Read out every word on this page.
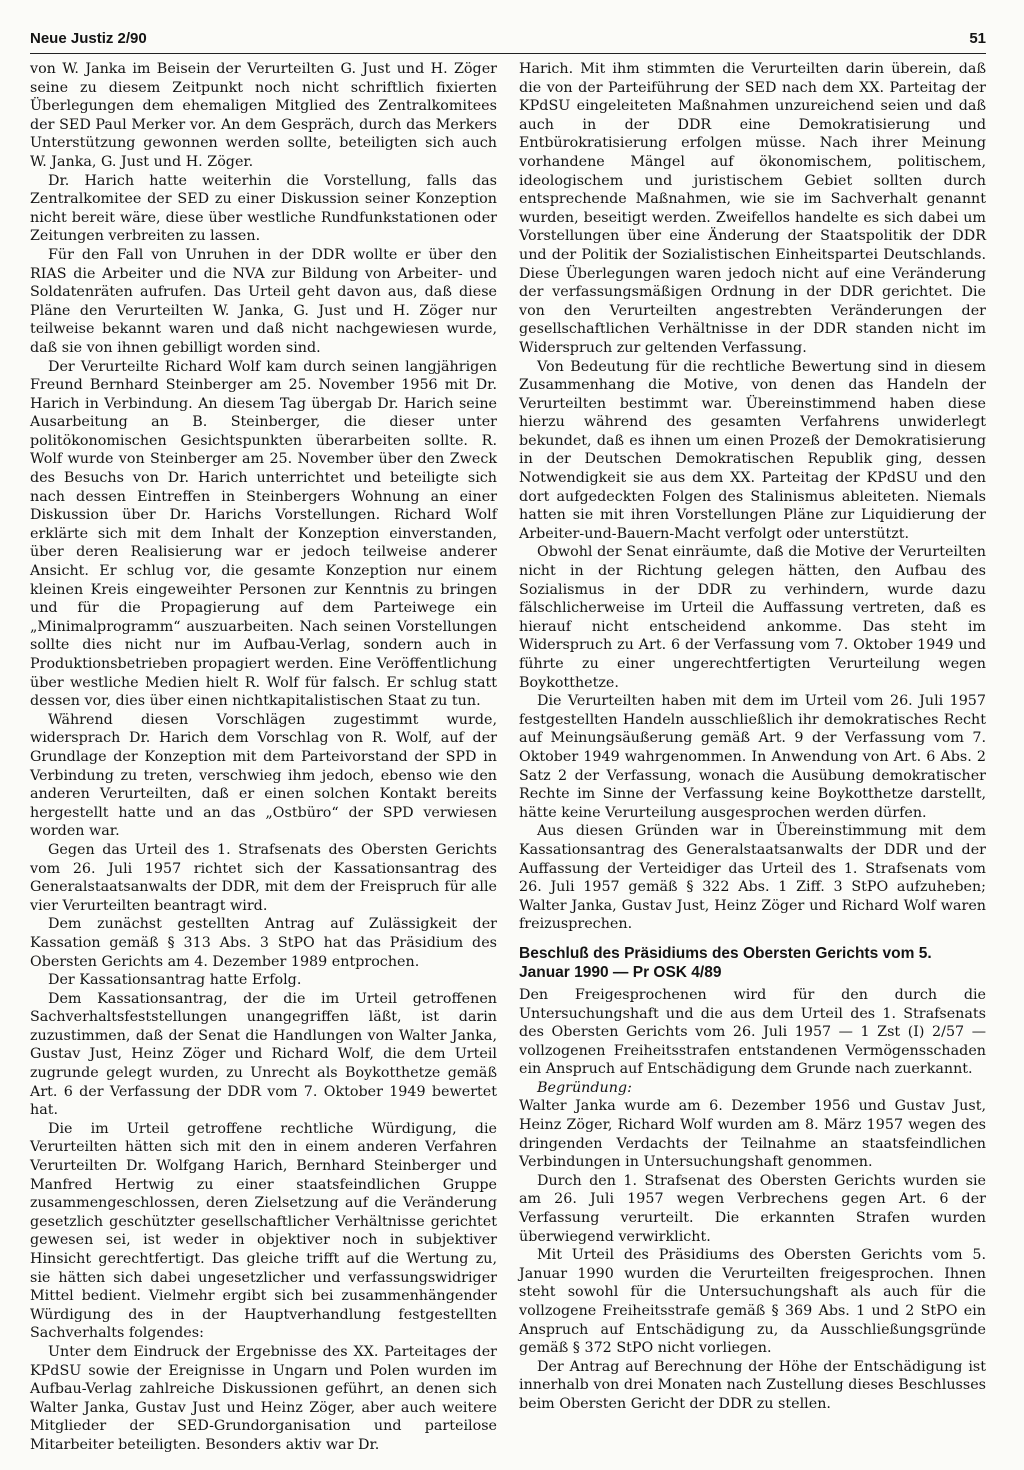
Neue Justiz 2/90	51

von W. Janka im Beisein der Verurteilten G. Just und H. Zöger seine zu diesem Zeitpunkt noch nicht schriftlich fixierten Überlegungen dem ehemaligen Mitglied des Zentralkomitees der SED Paul Merker vor. An dem Gespräch, durch das Merkers Unterstützung gewonnen werden sollte, beteiligten sich auch W. Janka, G. Just und H. Zöger.

Dr. Harich hatte weiterhin die Vorstellung, falls das Zentralkomitee der SED zu einer Diskussion seiner Konzeption nicht bereit wäre, diese über westliche Rundfunkstationen oder Zeitungen verbreiten zu lassen.

Für den Fall von Unruhen in der DDR wollte er über den RIAS die Arbeiter und die NVA zur Bildung von Arbeiter- und Soldatenräten aufrufen. Das Urteil geht davon aus, daß diese Pläne den Verurteilten W. Janka, G. Just und H. Zöger nur teilweise bekannt waren und daß nicht nachgewiesen wurde, daß sie von ihnen gebilligt worden sind.

Der Verurteilte Richard Wolf kam durch seinen langjährigen Freund Bernhard Steinberger am 25. November 1956 mit Dr. Harich in Verbindung. An diesem Tag übergab Dr. Harich seine Ausarbeitung an B. Steinberger, die dieser unter politökonomischen Gesichtspunkten überarbeiten sollte. R. Wolf wurde von Steinberger am 25. November über den Zweck des Besuchs von Dr. Harich unterrichtet und beteiligte sich nach dessen Eintreffen in Steinbergers Wohnung an einer Diskussion über Dr. Harichs Vorstellungen. Richard Wolf erklärte sich mit dem Inhalt der Konzeption einverstanden, über deren Realisierung war er jedoch teilweise anderer Ansicht. Er schlug vor, die gesamte Konzeption nur einem kleinen Kreis eingeweihter Personen zur Kenntnis zu bringen und für die Propagierung auf dem Parteiwege ein „Minimalprogramm“ auszuarbeiten. Nach seinen Vorstellungen sollte dies nicht nur im Aufbau-Verlag, sondern auch in Produktionsbetrieben propagiert werden. Eine Veröffentlichung über westliche Medien hielt R. Wolf für falsch. Er schlug statt dessen vor, dies über einen nichtkapitalistischen Staat zu tun.

Während diesen Vorschlägen zugestimmt wurde, widersprach Dr. Harich dem Vorschlag von R. Wolf, auf der Grundlage der Konzeption mit dem Parteivorstand der SPD in Verbindung zu treten, verschwieg ihm jedoch, ebenso wie den anderen Verurteilten, daß er einen solchen Kontakt bereits hergestellt hatte und an das „Ostbüro“ der SPD verwiesen worden war.

Gegen das Urteil des 1. Strafsenats des Obersten Gerichts vom 26. Juli 1957 richtet sich der Kassationsantrag des Generalstaatsanwalts der DDR, mit dem der Freispruch für alle vier Verurteilten beantragt wird.

Dem zunächst gestellten Antrag auf Zulässigkeit der Kassation gemäß § 313 Abs. 3 StPO hat das Präsidium des Obersten Gerichts am 4. Dezember 1989 entprochen.

Der Kassationsantrag hatte Erfolg.

Dem Kassationsantrag, der die im Urteil getroffenen Sachverhaltsfeststellungen unangegriffen läßt, ist darin zuzustimmen, daß der Senat die Handlungen von Walter Janka, Gustav Just, Heinz Zöger und Richard Wolf, die dem Urteil zugrunde gelegt wurden, zu Unrecht als Boykotthetze gemäß Art. 6 der Verfassung der DDR vom 7. Oktober 1949 bewertet hat.

Die im Urteil getroffene rechtliche Würdigung, die Verurteilten hätten sich mit den in einem anderen Verfahren Verurteilten Dr. Wolfgang Harich, Bernhard Steinberger und Manfred Hertwig zu einer staatsfeindlichen Gruppe zusammengeschlossen, deren Zielsetzung auf die Veränderung gesetzlich geschützter gesellschaftlicher Verhältnisse gerichtet gewesen sei, ist weder in objektiver noch in subjektiver Hinsicht gerechtfertigt. Das gleiche trifft auf die Wertung zu, sie hätten sich dabei ungesetzlicher und verfassungswidriger Mittel bedient. Vielmehr ergibt sich bei zusammenhängender Würdigung des in der Hauptverhandlung festgestellten Sachverhalts folgendes:

Unter dem Eindruck der Ergebnisse des XX. Parteitages der KPdSU sowie der Ereignisse in Ungarn und Polen wurden im Aufbau-Verlag zahlreiche Diskussionen geführt, an denen sich Walter Janka, Gustav Just und Heinz Zöger, aber auch weitere Mitglieder der SED-Grundorganisation und parteilose Mitarbeiter beteiligten. Besonders aktiv war Dr.

Harich. Mit ihm stimmten die Verurteilten darin überein, daß die von der Parteiführung der SED nach dem XX. Parteitag der KPdSU eingeleiteten Maßnahmen unzureichend seien und daß auch in der DDR eine Demokratisierung und Entbürokratisierung erfolgen müsse. Nach ihrer Meinung vorhandene Mängel auf ökonomischem, politischem, ideologischem und juristischem Gebiet sollten durch entsprechende Maßnahmen, wie sie im Sachverhalt genannt wurden, beseitigt werden. Zweifellos handelte es sich dabei um Vorstellungen über eine Änderung der Staatspolitik der DDR und der Politik der Sozialistischen Einheitspartei Deutschlands. Diese Überlegungen waren jedoch nicht auf eine Veränderung der verfassungsmäßigen Ordnung in der DDR gerichtet. Die von den Verurteilten angestrebten Veränderungen der gesellschaftlichen Verhältnisse in der DDR standen nicht im Widerspruch zur geltenden Verfassung.

Von Bedeutung für die rechtliche Bewertung sind in diesem Zusammenhang die Motive, von denen das Handeln der Verurteilten bestimmt war. Übereinstimmend haben diese hierzu während des gesamten Verfahrens unwiderlegt bekundet, daß es ihnen um einen Prozeß der Demokratisierung in der Deutschen Demokratischen Republik ging, dessen Notwendigkeit sie aus dem XX. Parteitag der KPdSU und den dort aufgedeckten Folgen des Stalinismus ableiteten. Niemals hatten sie mit ihren Vorstellungen Pläne zur Liquidierung der Arbeiter-und-Bauern-Macht verfolgt oder unterstützt.

Obwohl der Senat einräumte, daß die Motive der Verurteilten nicht in der Richtung gelegen hätten, den Aufbau des Sozialismus in der DDR zu verhindern, wurde dazu fälschlicherweise im Urteil die Auffassung vertreten, daß es hierauf nicht entscheidend ankomme. Das steht im Widerspruch zu Art. 6 der Verfassung vom 7. Oktober 1949 und führte zu einer ungerechtfertigten Verurteilung wegen Boykotthetze.

Die Verurteilten haben mit dem im Urteil vom 26. Juli 1957 festgestellten Handeln ausschließlich ihr demokratisches Recht auf Meinungsäußerung gemäß Art. 9 der Verfassung vom 7. Oktober 1949 wahrgenommen. In Anwendung von Art. 6 Abs. 2 Satz 2 der Verfassung, wonach die Ausübung demokratischer Rechte im Sinne der Verfassung keine Boykotthetze darstellt, hätte keine Verurteilung ausgesprochen werden dürfen.

Aus diesen Gründen war in Übereinstimmung mit dem Kassationsantrag des Generalstaatsanwalts der DDR und der Auffassung der Verteidiger das Urteil des 1. Strafsenats vom 26. Juli 1957 gemäß § 322 Abs. 1 Ziff. 3 StPO aufzuheben; Walter Janka, Gustav Just, Heinz Zöger und Richard Wolf waren freizusprechen.

Beschluß des Präsidiums des Obersten Gerichts vom 5. Januar 1990 — Pr OSK 4/89

Den Freigesprochenen wird für den durch die Untersuchungshaft und die aus dem Urteil des 1. Strafsenats des Obersten Gerichts vom 26. Juli 1957 — 1 Zst (I) 2/57 — vollzogenen Freiheitsstrafen entstandenen Vermögensschaden ein Anspruch auf Entschädigung dem Grunde nach zuerkannt.

Begründung:

Walter Janka wurde am 6. Dezember 1956 und Gustav Just, Heinz Zöger, Richard Wolf wurden am 8. März 1957 wegen des dringenden Verdachts der Teilnahme an staatsfeindlichen Verbindungen in Untersuchungshaft genommen.

Durch den 1. Strafsenat des Obersten Gerichts wurden sie am 26. Juli 1957 wegen Verbrechens gegen Art. 6 der Verfassung verurteilt. Die erkannten Strafen wurden überwiegend verwirklicht.

Mit Urteil des Präsidiums des Obersten Gerichts vom 5. Januar 1990 wurden die Verurteilten freigesprochen. Ihnen steht sowohl für die Untersuchungshaft als auch für die vollzogene Freiheitsstrafe gemäß § 369 Abs. 1 und 2 StPO ein Anspruch auf Entschädigung zu, da Ausschließungsgründe gemäß § 372 StPO nicht vorliegen.

Der Antrag auf Berechnung der Höhe der Entschädigung ist innerhalb von drei Monaten nach Zustellung dieses Beschlusses beim Obersten Gericht der DDR zu stellen.
